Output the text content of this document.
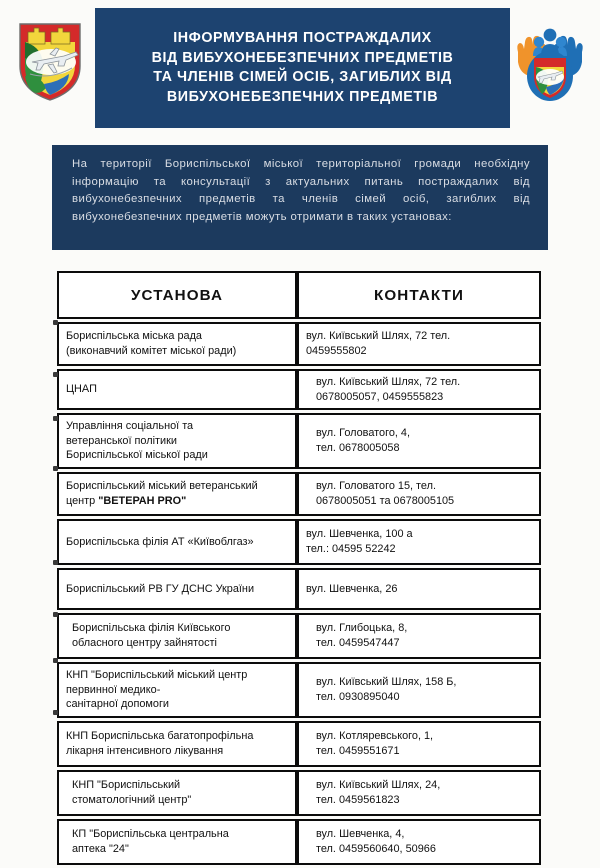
ІНФОРМУВАННЯ ПОСТРАЖДАЛИХ
ВІД ВИБУХОНЕБЕЗПЕЧНИХ ПРЕДМЕТІВ
ТА ЧЛЕНІВ СІМЕЙ ОСІБ, ЗАГИБЛИХ ВІД
ВИБУХОНЕБЕЗПЕЧНИХ ПРЕДМЕТІВ

На території Бориспільської міської територіальної громади необхідну інформацію та консультації з актуальних питань постраждалих від вибухонебезпечних предметів та членів сімей осіб, загиблих від вибухонебезпечних предметів можуть отримати в таких установах:

УСТАНОВА	КОНТАКТИ

Бориспільська міська рада
(виконавчий комітет міської ради)	вул. Київський Шлях, 72 тел.
0459555802

ЦНАП	вул. Київський Шлях, 72 тел.
0678005057, 0459555823

Управління соціальної та
ветеранської політики
Бориспільської міської ради	вул. Головатого, 4,
тел. 0678005058

Бориспільський міський ветеранський
центр "ВЕТЕРАН PRO"	вул. Головатого 15, тел.
0678005051 та 0678005105

Бориспільська філія АТ «Київоблгаз»	вул. Шевченка, 100 а
тел.: 04595 52242

Бориспільський РВ ГУ ДСНС України	вул. Шевченка, 26

Бориспільська філія Київського
обласного центру зайнятості	вул. Глибоцька, 8,
тел. 0459547447

КНП "Бориспільський міський центр
первинної медико-
санітарної допомоги	вул. Київський Шлях, 158 Б,
тел. 0930895040

КНП Бориспільська багатопрофільна
лікарня інтенсивного лікування	вул. Котляревського, 1,
тел. 0459551671

КНП "Бориспільський
стоматологічний центр"	вул. Київський Шлях, 24,
тел. 0459561823

КП "Бориспільська центральна
аптека "24"	вул. Шевченка, 4,
тел. 0459560640, 50966
